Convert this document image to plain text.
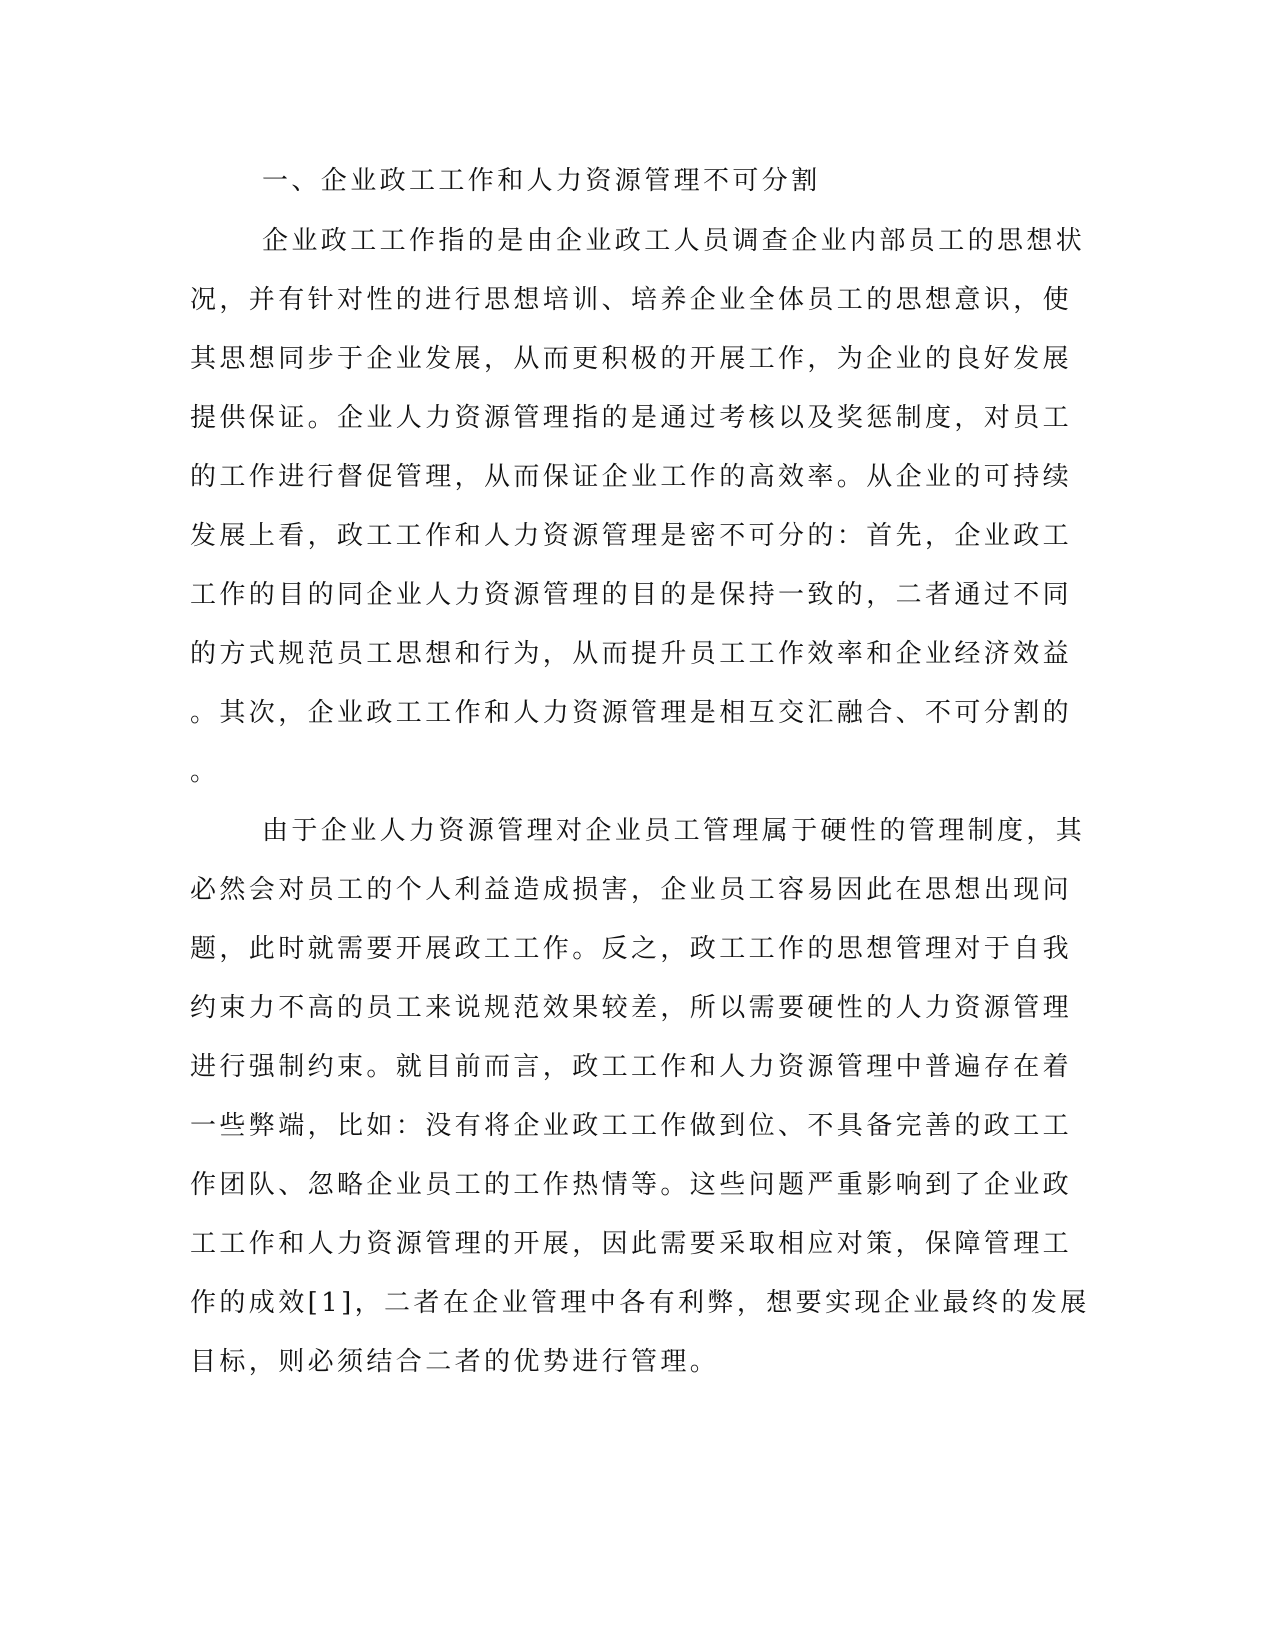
一、企业政工工作和人力资源管理不可分割
企业政工工作指的是由企业政工人员调查企业内部员工的思想状
况，并有针对性的进行思想培训、培养企业全体员工的思想意识，使
其思想同步于企业发展，从而更积极的开展工作，为企业的良好发展
提供保证。企业人力资源管理指的是通过考核以及奖惩制度，对员工
的工作进行督促管理，从而保证企业工作的高效率。从企业的可持续
发展上看，政工工作和人力资源管理是密不可分的：首先，企业政工
工作的目的同企业人力资源管理的目的是保持一致的，二者通过不同
的方式规范员工思想和行为，从而提升员工工作效率和企业经济效益
。其次，企业政工工作和人力资源管理是相互交汇融合、不可分割的
。
由于企业人力资源管理对企业员工管理属于硬性的管理制度，其
必然会对员工的个人利益造成损害，企业员工容易因此在思想出现问
题，此时就需要开展政工工作。反之，政工工作的思想管理对于自我
约束力不高的员工来说规范效果较差，所以需要硬性的人力资源管理
进行强制约束。就目前而言，政工工作和人力资源管理中普遍存在着
一些弊端，比如：没有将企业政工工作做到位、不具备完善的政工工
作团队、忽略企业员工的工作热情等。这些问题严重影响到了企业政
工工作和人力资源管理的开展，因此需要采取相应对策，保障管理工
作的成效[1]，二者在企业管理中各有利弊，想要实现企业最终的发展
目标，则必须结合二者的优势进行管理。
